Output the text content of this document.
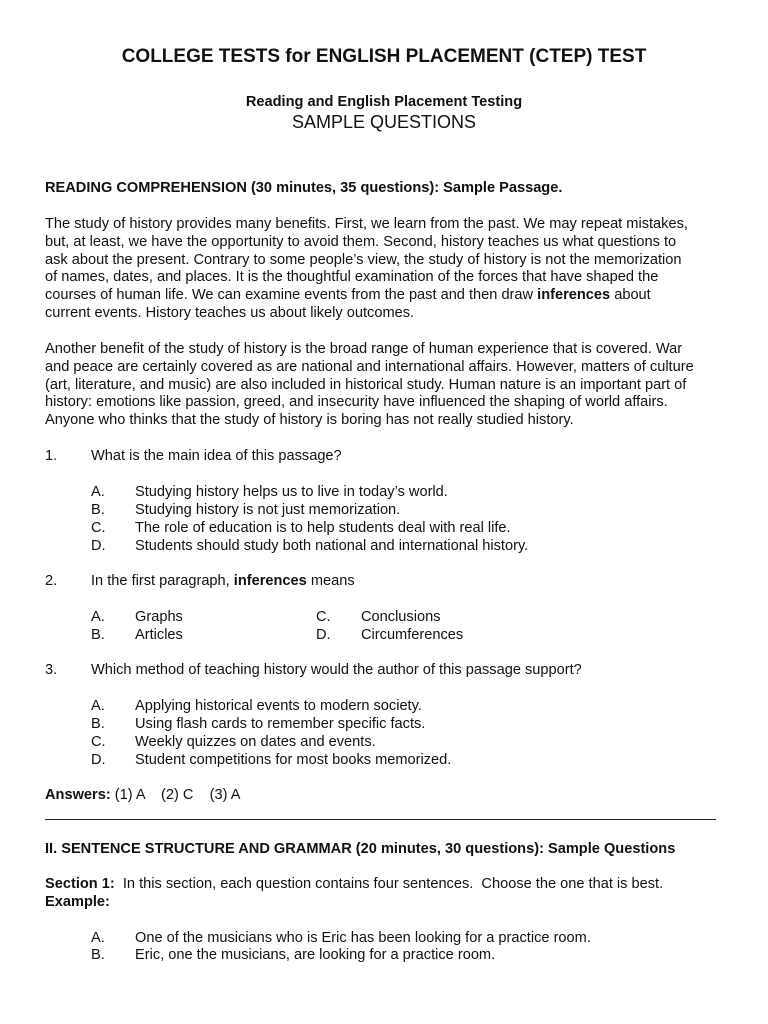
COLLEGE TESTS for ENGLISH PLACEMENT (CTEP) TEST
Reading and English Placement Testing
SAMPLE QUESTIONS
READING COMPREHENSION (30 minutes, 35 questions): Sample Passage.

The study of history provides many benefits. First, we learn from the past. We may repeat mistakes,

but, at least, we have the opportunity to avoid them. Second, history teaches us what questions to

ask about the present. Contrary to some people’s view, the study of history is not the memorization

of names, dates, and places. It is the thoughtful examination of the forces that have shaped the

courses of human life. We can examine events from the past and then draw inferences about

current events. History teaches us about likely outcomes.

Another benefit of the study of history is the broad range of human experience that is covered. War

and peace are certainly covered as are national and international affairs. However, matters of culture

(art, literature, and music) are also included in historical study. Human nature is an important part of

history: emotions like passion, greed, and insecurity have influenced the shaping of world affairs.

Anyone who thinks that the study of history is boring has not really studied history.

1. What is the main idea of this passage?
A. Studying history helps us to live in today’s world.
B. Studying history is not just memorization.
C. The role of education is to help students deal with real life.
D. Students should study both national and international history.
2. In the first paragraph, inferences means
A. Graphs
B. Articles
C. Conclusions
D. Circumferences
3. Which method of teaching history would the author of this passage support?
A. Applying historical events to modern society.
B. Using flash cards to remember specific facts.
C. Weekly quizzes on dates and events.
D. Student competitions for most books memorized.
Answers: (1) A    (2) C    (3) A
II. SENTENCE STRUCTURE AND GRAMMAR (20 minutes, 30 questions): Sample Questions
Section 1:  In this section, each question contains four sentences.  Choose the one that is best.
Example:
A. One of the musicians who is Eric has been looking for a practice room.
B. Eric, one the musicians, are looking for a practice room.
